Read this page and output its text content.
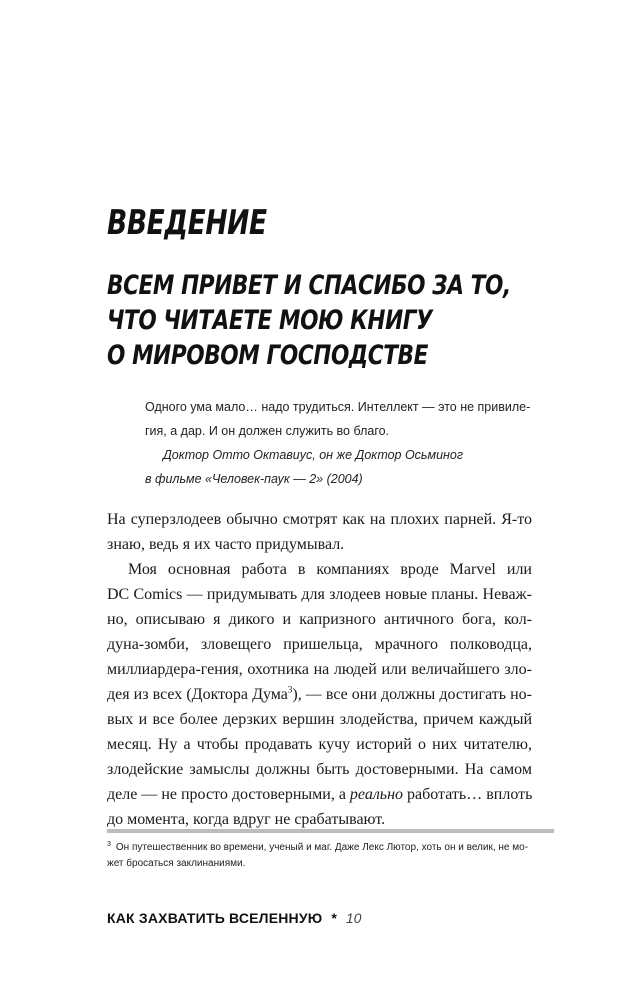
ВВЕДЕНИЕ
ВСЕМ ПРИВЕТ И СПАСИБО ЗА ТО,
ЧТО ЧИТАЕТЕ МОЮ КНИГУ
О МИРОВОМ ГОСПОДСТВЕ
Одного ума мало… надо трудиться. Интеллект — это не привиле-
гия, а дар. И он должен служить во благо.
Доктор Отто Октавиус, он же Доктор Осьминог
в фильме «Человек-паук — 2» (2004)
На суперзлодеев обычно смотрят как на плохих парней. Я-то
знаю, ведь я их часто придумывал.
Моя основная работа в компаниях вроде Marvel или
DC Comics — придумывать для злодеев новые планы. Неваж-
но, описываю я дикого и капризного античного бога, кол-
дуна-зомби, зловещего пришельца, мрачного полководца,
миллиардера-гения, охотника на людей или величайшего зло-
дея из всех (Доктора Дума$^3$), — все они должны достигать но-
вых и все более дерзких вершин злодейства, причем каждый
месяц. Ну а чтобы продавать кучу историй о них читателю,
злодейские замыслы должны быть достоверными. На самом
деле — не просто достоверными, а реально работать… вплоть
$^3$ Он путешественник во времени, ученый и маг. Даже Лекс Лютор, хоть он и велик, не мо-
жет бросаться заклинаниями.
КАК ЗАХВАТИТЬ ВСЕЛЕННУЮ * 10
до момента, когда вдруг не срабатывают.
